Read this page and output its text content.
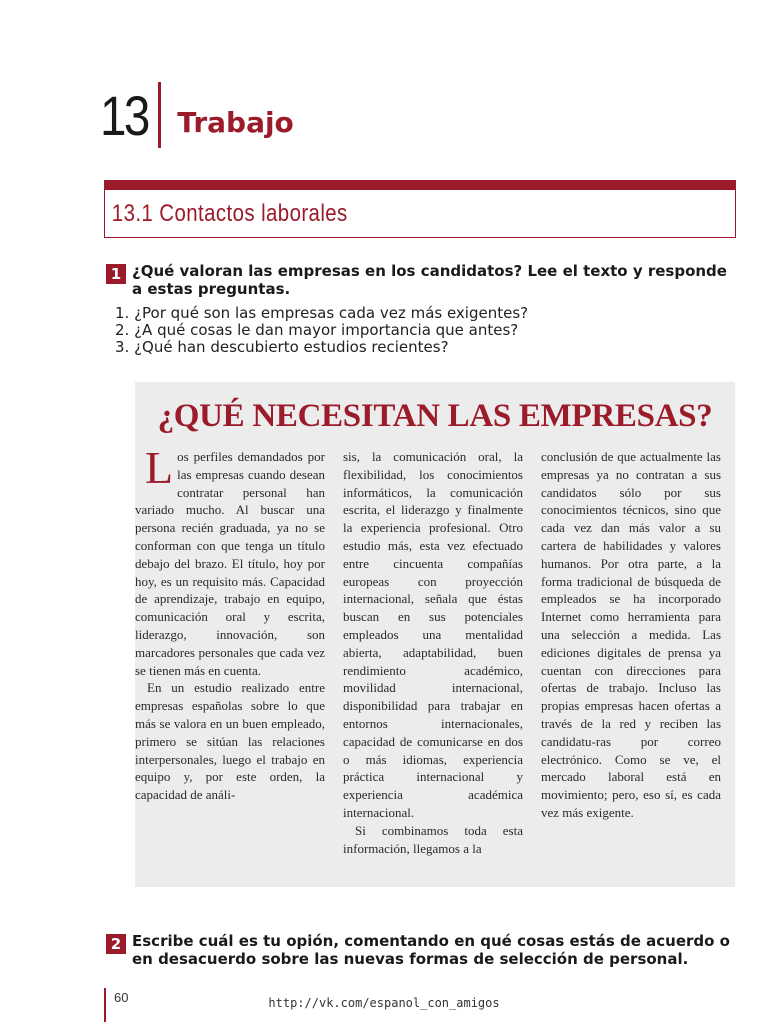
13 Trabajo
13.1 Contactos laborales
1 ¿Qué valoran las empresas en los candidatos? Lee el texto y responde a estas preguntas.

1. ¿Por qué son las empresas cada vez más exigentes?
2. ¿A qué cosas le dan mayor importancia que antes?
3. ¿Qué han descubierto estudios recientes?
¿QUÉ NECESITAN LAS EMPRESAS?

Los perfiles demandados por las empresas cuando desean contratar personal han variado mucho. Al buscar una persona recién graduada, ya no se conforman con que tenga un título debajo del brazo. El título, hoy por hoy, es un requisito más. Capacidad de aprendizaje, trabajo en equipo, comunicación oral y escrita, liderazgo, innovación, son marcadores personales que cada vez se tienen más en cuenta.

En un estudio realizado entre empresas españolas sobre lo que más se valora en un buen empleado, primero se sitúan las relaciones interpersonales, luego el trabajo en equipo y, por este orden, la capacidad de análi-

sis, la comunicación oral, la flexibilidad, los conocimientos informáticos, la comunicación escrita, el liderazgo y finalmente la experiencia profesional. Otro estudio más, esta vez efectuado entre cincuenta compañías europeas con proyección internacional, señala que éstas buscan en sus potenciales empleados una mentalidad abierta, adaptabilidad, buen rendimiento académico, movilidad internacional, disponibilidad para trabajar en entornos internacionales, capacidad de comunicarse en dos o más idiomas, experiencia práctica internacional y experiencia académica internacional.

Si combinamos toda esta información, llegamos a la

conclusión de que actualmente las empresas ya no contratan a sus candidatos sólo por sus conocimientos técnicos, sino que cada vez dan más valor a su cartera de habilidades y valores humanos. Por otra parte, a la forma tradicional de búsqueda de empleados se ha incorporado Internet como herramienta para una selección a medida. Las ediciones digitales de prensa ya cuentan con direcciones para ofertas de trabajo. Incluso las propias empresas hacen ofertas a través de la red y reciben las candidatu-ras por correo electrónico. Como se ve, el mercado laboral está en movimiento; pero, eso sí, es cada vez más exigente.

2 Escribe cuál es tu opión, comentando en qué cosas estás de acuerdo o en desacuerdo sobre las nuevas formas de selección de personal.

60	http://vk.com/espanol_con_amigos
